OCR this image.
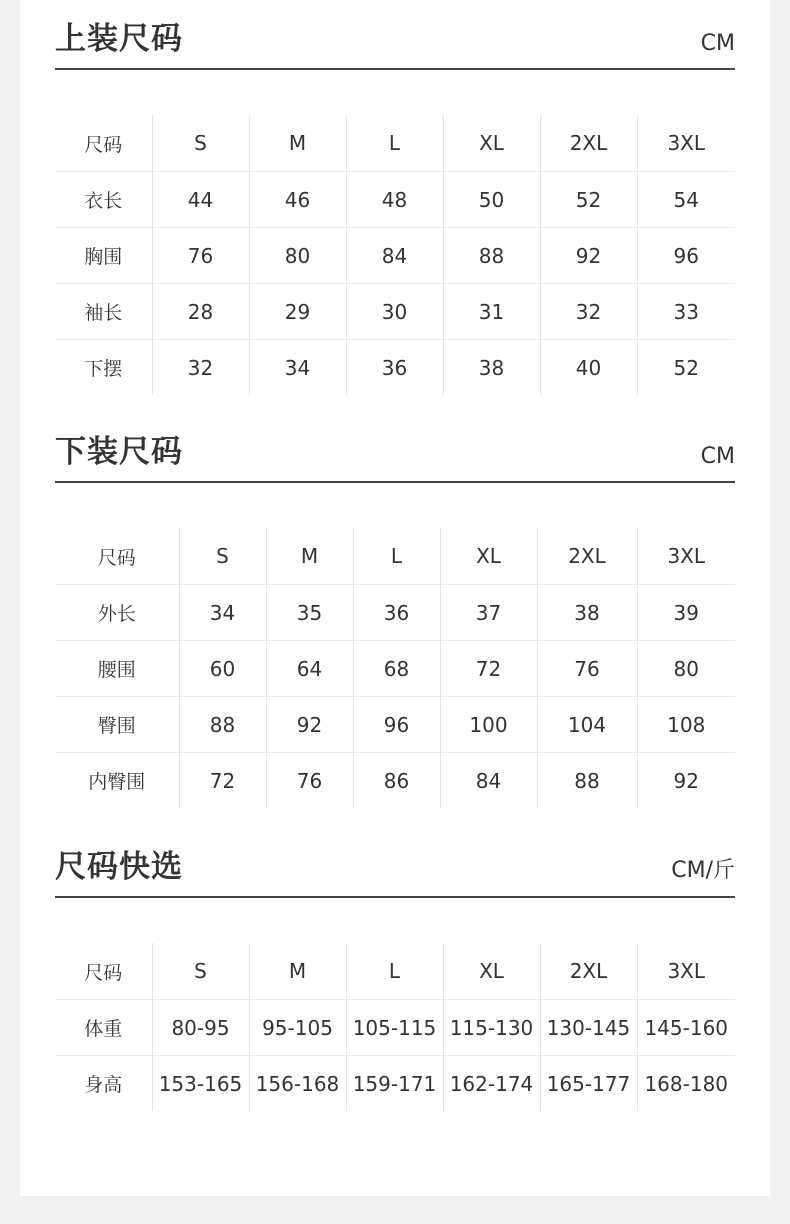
上装尺码	CM
尺码	S	M	L	XL	2XL	3XL
衣长	44	46	48	50	52	54
胸围	76	80	84	88	92	96
袖长	28	29	30	31	32	33
下摆	32	34	36	38	40	52
下装尺码	CM
尺码	S	M	L	XL	2XL	3XL
外长	34	35	36	37	38	39
腰围	60	64	68	72	76	80
臀围	88	92	96	100	104	108
内臀围	72	76	86	84	88	92
尺码快选	CM/斤
尺码	S	M	L	XL	2XL	3XL
体重	80-95	95-105	105-115	115-130	130-145	145-160
身高	153-165	156-168	159-171	162-174	165-177	168-180
